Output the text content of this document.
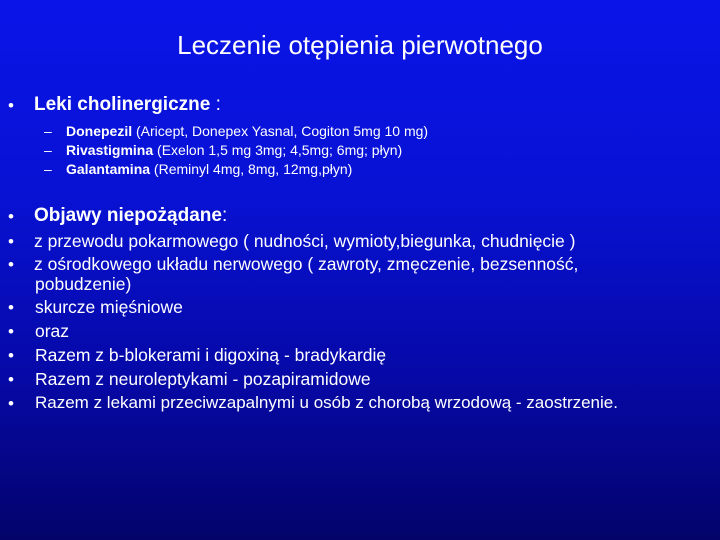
Leczenie otępienia pierwotnego
• Leki cholinergiczne :
– Donepezil (Aricept, Donepex Yasnal, Cogiton 5mg 10 mg)
– Rivastigmina (Exelon 1,5 mg 3mg; 4,5mg; 6mg; płyn)
– Galantamina (Reminyl 4mg, 8mg, 12mg,płyn)
• Objawy niepożądane:
• z przewodu pokarmowego ( nudności, wymioty,biegunka, chudnięcie )
• z ośrodkowego układu nerwowego ( zawroty, zmęczenie, bezsenność,
pobudzenie)
• skurcze mięśniowe
• oraz
• Razem z b-blokerami i digoxiną - bradykardię
• Razem z neuroleptykami - pozapiramidowe
• Razem z lekami przeciwzapalnymi u osób z chorobą wrzodową - zaostrzenie.
